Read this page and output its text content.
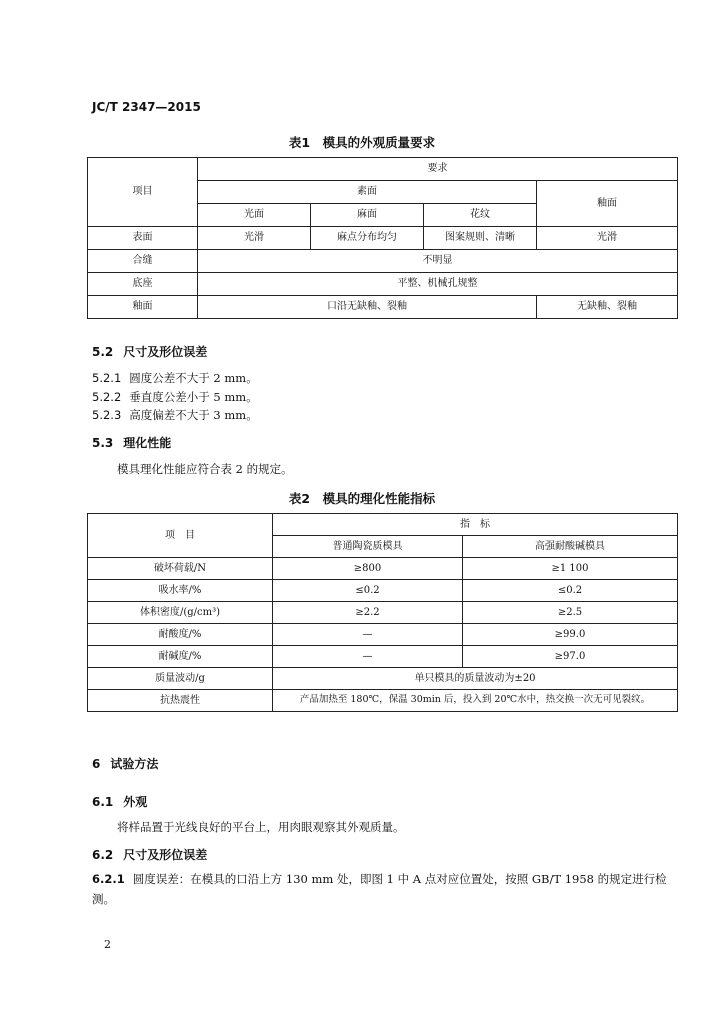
JC/T 2347—2015
表1　模具的外观质量要求
项目	要求			
	素面			釉面
	光面	麻面	花纹	
表面	光滑	麻点分布均匀	图案规则、清晰	光滑
合缝	不明显			
底座	平整、机械孔规整			
釉面	口沿无缺釉、裂釉			无缺釉、裂釉
5.2 尺寸及形位误差
5.2.1 圆度公差不大于 2 mm。
5.2.2 垂直度公差小于 5 mm。
5.2.3 高度偏差不大于 3 mm。
5.3 理化性能
模具理化性能应符合表 2 的规定。
表2　模具的理化性能指标
项　目	指　标	
	普通陶瓷质模具	高强耐酸碱模具
破坏荷载/N	≥800	≥1 100
吸水率/%	≤0.2	≤0.2
体积密度/(g/cm³)	≥2.2	≥2.5
耐酸度/%	—	≥99.0
耐碱度/%	—	≥97.0
质量波动/g	单只模具的质量波动为±20	
抗热震性	产品加热至 180℃，保温 30min 后，投入到 20℃水中，热交换一次无可见裂纹。	
6 试验方法
6.1 外观
将样品置于光线良好的平台上，用肉眼观察其外观质量。
6.2 尺寸及形位误差
6.2.1 圆度误差：在模具的口沿上方 130 mm 处，即图 1 中 A 点对应位置处，按照 GB/T 1958 的规定进行检测。
2
